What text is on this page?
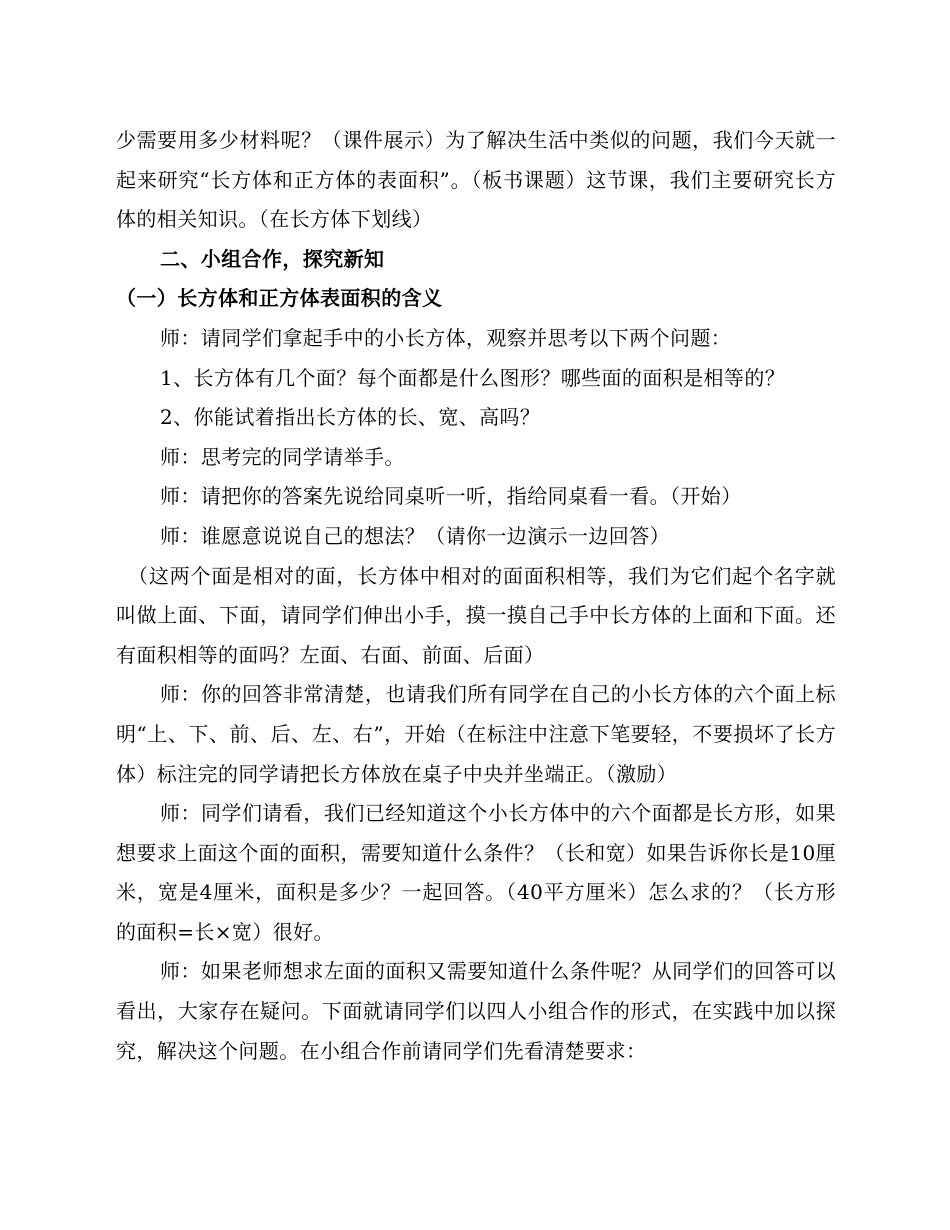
少需要用多少材料呢？（课件展示）为了解决生活中类似的问题，我们今天就一起来研究“长方体和正方体的表面积”。（板书课题）这节课，我们主要研究长方体的相关知识。（在长方体下划线）

二、小组合作，探究新知

（一）长方体和正方体表面积的含义

师：请同学们拿起手中的小长方体，观察并思考以下两个问题：

1、长方体有几个面？每个面都是什么图形？哪些面的面积是相等的？

2、你能试着指出长方体的长、宽、高吗？

师：思考完的同学请举手。

师：请把你的答案先说给同桌听一听，指给同桌看一看。（开始）

师：谁愿意说说自己的想法？（请你一边演示一边回答）

（这两个面是相对的面，长方体中相对的面面积相等，我们为它们起个名字就叫做上面、下面，请同学们伸出小手，摸一摸自己手中长方体的上面和下面。还有面积相等的面吗？左面、右面、前面、后面）

师：你的回答非常清楚，也请我们所有同学在自己的小长方体的六个面上标明“上、下、前、后、左、右”，开始（在标注中注意下笔要轻，不要损坏了长方体）标注完的同学请把长方体放在桌子中央并坐端正。（激励）

师：同学们请看，我们已经知道这个小长方体中的六个面都是长方形，如果想要求上面这个面的面积，需要知道什么条件？（长和宽）如果告诉你长是10厘米，宽是4厘米，面积是多少？一起回答。（40平方厘米）怎么求的？（长方形的面积=长×宽）很好。

师：如果老师想求左面的面积又需要知道什么条件呢？从同学们的回答可以看出，大家存在疑问。下面就请同学们以四人小组合作的形式，在实践中加以探究，解决这个问题。在小组合作前请同学们先看清楚要求：
